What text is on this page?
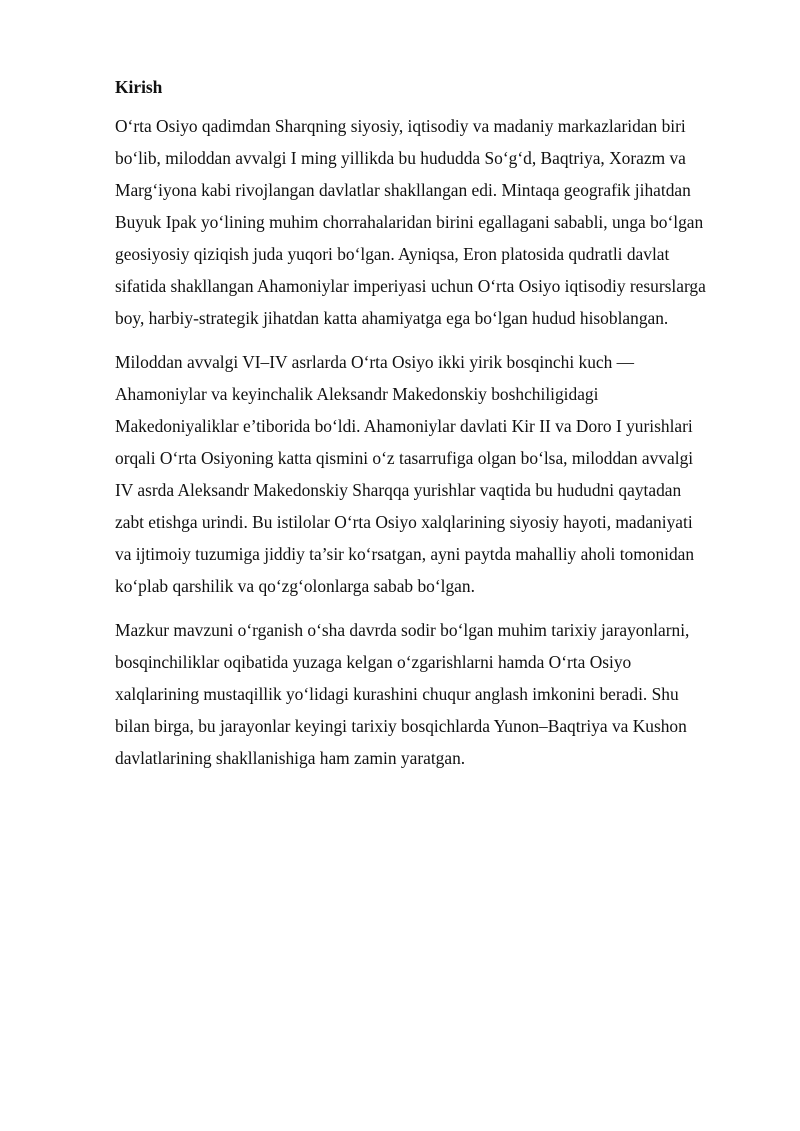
Kirish

O‘rta Osiyo qadimdan Sharqning siyosiy, iqtisodiy va madaniy markazlaridan biri bo‘lib, miloddan avvalgi I ming yillikda bu hududda So‘g‘d, Baqtriya, Xorazm va Marg‘iyona kabi rivojlangan davlatlar shakllangan edi. Mintaqa geografik jihatdan Buyuk Ipak yo‘lining muhim chorrahalaridan birini egallagani sababli, unga bo‘lgan geosiyosiy qiziqish juda yuqori bo‘lgan. Ayniqsa, Eron platosida qudratli davlat sifatida shakllangan Ahamoniylar imperiyasi uchun O‘rta Osiyo iqtisodiy resurslarga boy, harbiy-strategik jihatdan katta ahamiyatga ega bo‘lgan hudud hisoblangan.

Miloddan avvalgi VI–IV asrlarda O‘rta Osiyo ikki yirik bosqinchi kuch — Ahamoniylar va keyinchalik Aleksandr Makedonskiy boshchiligidagi Makedoniyaliklar e’tiborida bo‘ldi. Ahamoniylar davlati Kir II va Doro I yurishlari orqali O‘rta Osiyoning katta qismini o‘z tasarrufiga olgan bo‘lsa, miloddan avvalgi IV asrda Aleksandr Makedonskiy Sharqqa yurishlar vaqtida bu hududni qaytadan zabt etishga urindi. Bu istilolar O‘rta Osiyo xalqlarining siyosiy hayoti, madaniyati va ijtimoiy tuzumiga jiddiy ta’sir ko‘rsatgan, ayni paytda mahalliy aholi tomonidan ko‘plab qarshilik va qo‘zg‘olonlarga sabab bo‘lgan.

Mazkur mavzuni o‘rganish o‘sha davrda sodir bo‘lgan muhim tarixiy jarayonlarni, bosqinchiliklar oqibatida yuzaga kelgan o‘zgarishlarni hamda O‘rta Osiyo xalqlarining mustaqillik yo‘lidagi kurashini chuqur anglash imkonini beradi. Shu bilan birga, bu jarayonlar keyingi tarixiy bosqichlarda Yunon–Baqtriya va Kushon davlatlarining shakllanishiga ham zamin yaratgan.
